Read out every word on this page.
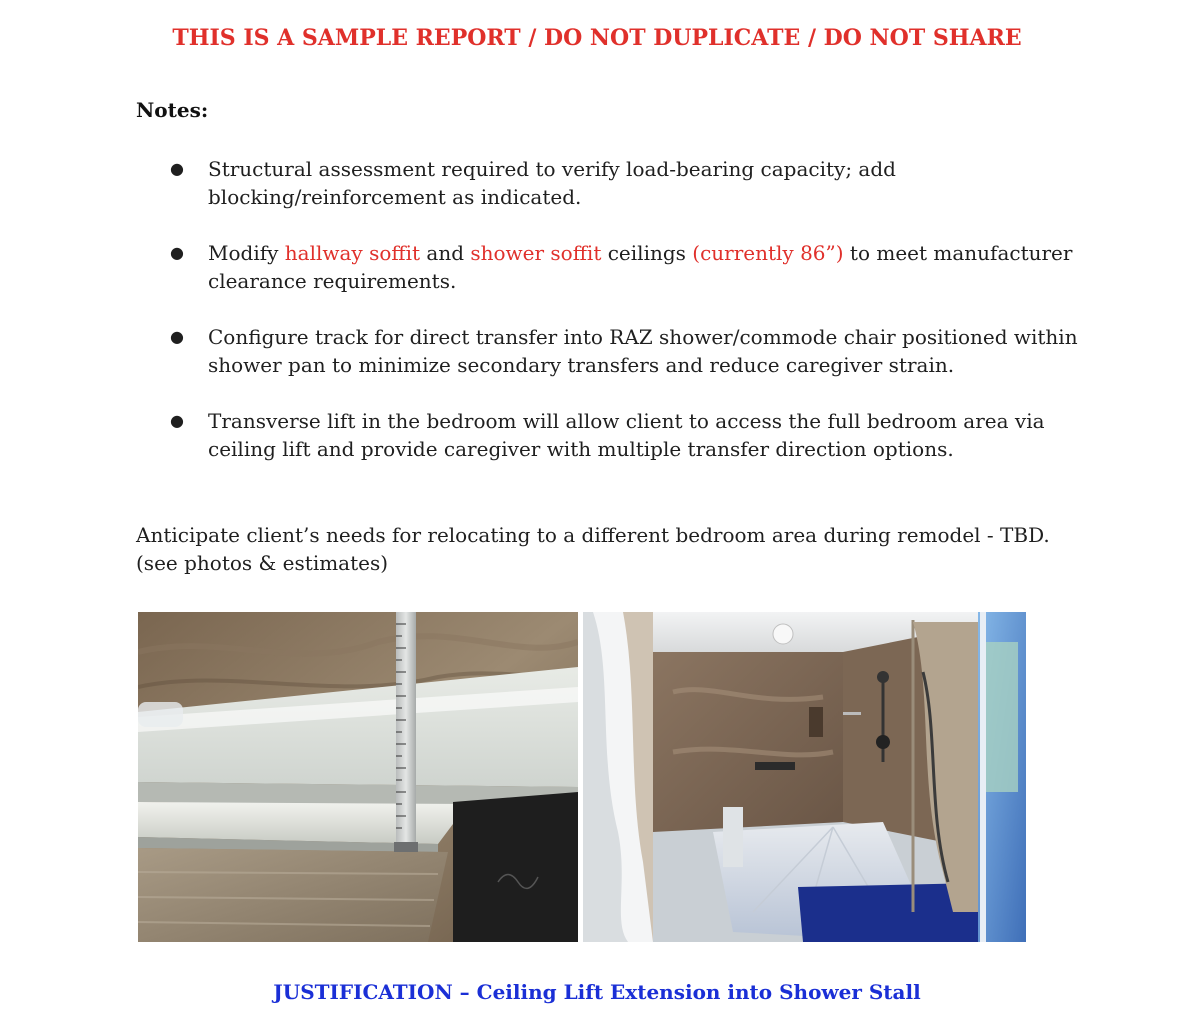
THIS IS A SAMPLE REPORT / DO NOT DUPLICATE / DO NOT SHARE
Notes:
● Structural assessment required to verify load-bearing capacity; add blocking/reinforcement as indicated.
● Modify hallway soffit and shower soffit ceilings (currently 86”) to meet manufacturer clearance requirements.
● Configure track for direct transfer into RAZ shower/commode chair positioned within shower pan to minimize secondary transfers and reduce caregiver strain.
● Transverse lift in the bedroom will allow client to access the full bedroom area via ceiling lift and provide caregiver with multiple transfer direction options.
Anticipate client’s needs for relocating to a different bedroom area during remodel - TBD.
(see photos & estimates)
JUSTIFICATION – Ceiling Lift Extension into Shower Stall
